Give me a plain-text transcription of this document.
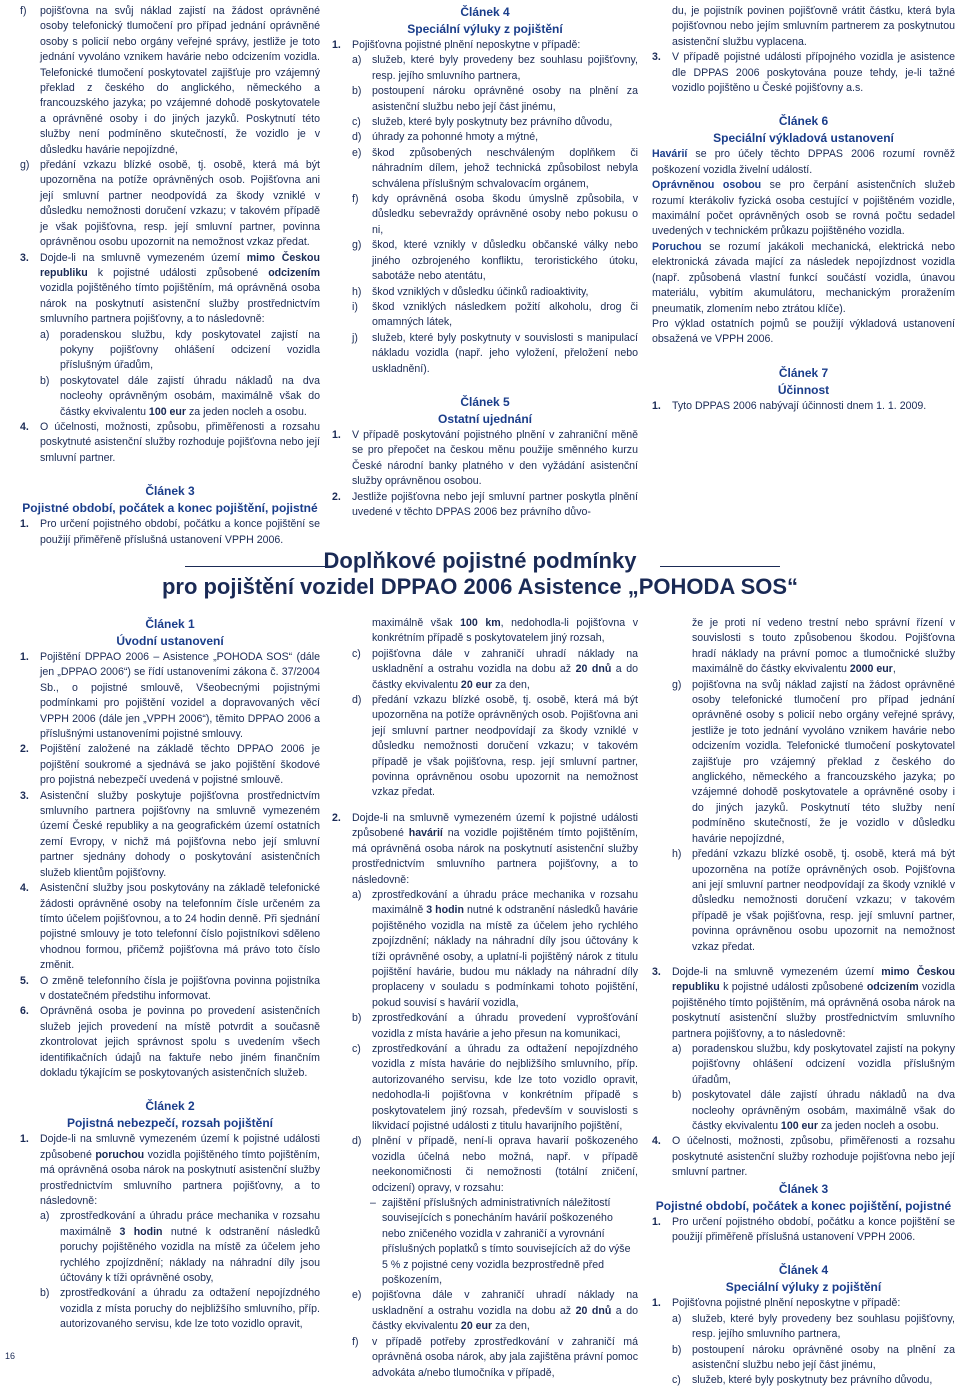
f) pojišťovna na svůj náklad zajistí na žádost oprávněné osoby telefonický tlumočení pro případ jednání oprávněné osoby s policií nebo orgány veřejné správy, jestliže je toto jednání vyvoláno vznikem havárie nebo odcizením vozidla. Telefonické tlumočení poskytovatel zajišťuje pro vzájemný překlad z českého do anglického, německého a francouzského jazyka; po vzájemné dohodě poskytovatele a oprávněné osoby i do jiných jazyků. Poskytnutí této služby není podmíněno skutečností, že vozidlo je v důsledku havárie nepojízdné,
g) předání vzkazu blízké osobě, tj. osobě, která má být upozorněna na potíže oprávněných osob. Pojišťovna ani její smluvní partner neodpovídá za škody vzniklé v důsledku nemožnosti doručení vzkazu; v takovém případě je však pojišťovna, resp. její smluvní partner, povinna oprávněnou osobu upozornit na nemožnost vzkaz předat.
3. Dojde-li na smluvně vymezeném území mimo Českou republiku k pojistné události způsobené odcizením vozidla pojištěného tímto pojištěním, má oprávněná osoba nárok na poskytnutí asistenční služby prostřednictvím smluvního partnera pojišťovny, a to následovně:
a) poradenskou službu, kdy poskytovatel zajistí na pokyny pojišťovny ohlášení odcizení vozidla příslušným úřadům,
b) poskytovatel dále zajistí úhradu nákladů na dva nocleohy oprávněným osobám, maximálně však do částky ekvivalentu 100 eur za jeden nocleh a osobu.
4. O účelnosti, možnosti, způsobu, přiměřenosti a rozsahu poskytnuté asistenční služby rozhoduje pojišťovna nebo její smluvní partner.
Článek 3
Pojistné období, počátek a konec pojištění, pojistné
1. Pro určení pojistného období, počátku a konce pojištění se použijí přiměřeně příslušná ustanovení VPPH 2006.
Článek 4
Speciální výluky z pojištění
1. Pojišťovna pojistné plnění neposkytne v případě:
a) služeb, které byly provedeny bez souhlasu pojišťovny, resp. jejího smluvního partnera,
b) postoupení nároku oprávněné osoby na plnění za asistenční službu nebo její část jinému,
c) služeb, které byly poskytnuty bez právního důvodu,
d) úhrady za pohonné hmoty a mýtné,
e) škod způsobených neschváleným doplňkem či náhradním dílem, jehož technická způsobilost nebyla schválena příslušným schvalovacím orgánem,
f) kdy oprávněná osoba škodu úmyslně způsobila, v důsledku sebevraždy oprávněné osoby nebo pokusu o ni,
g) škod, které vznikly v důsledku občanské války nebo jiného ozbrojeného konfliktu, teroristického útoku, sabotáže nebo atentátu,
h) škod vzniklých v důsledku účinků radioaktivity,
i) škod vzniklých následkem požití alkoholu, drog či omamných látek,
j) služeb, které byly poskytnuty v souvislosti s manipulací nákladu vozidla (např. jeho vyložení, přeložení nebo uskladnění).
Článek 5
Ostatní ujednání
1. V případě poskytování pojistného plnění v zahraniční měně se pro přepočet na českou měnu použije směnného kurzu České národní banky platného v den vyžádání asistenční služby oprávněnou osobou.
2. Jestliže pojišťovna nebo její smluvní partner poskytla plnění uvedené v těchto DPPAS 2006 bez právního důvo-

du, je pojistník povinen pojišťovně vrátit částku, která byla pojišťovnou nebo jejím smluvním partnerem za poskytnutou asistenční službu vyplacena.

3. V případě pojistné události přípojného vozidla je asistence dle DPPAS 2006 poskytována pouze tehdy, je-li tažné vozidlo pojištěno u České pojišťovny a.s.
Článek 6
Speciální výkladová ustanovení

Havárií se pro účely těchto DPPAS 2006 rozumí rovněž poškození vozidla živelní událostí.

Oprávněnou osobou se pro čerpání asistenčních služeb rozumí kterákoliv fyzická osoba cestující v pojištěném vozidle, maximální počet oprávněných osob se rovná počtu sedadel uvedených v technickém průkazu pojištěného vozidla.

Poruchou se rozumí jakákoli mechanická, elektrická nebo elektronická závada mající za následek nepojízdnost vozidla (např. způsobená vlastní funkcí součástí vozidla, únavou materiálu, vybitím akumulátoru, mechanickým proražením pneumatik, zlomením nebo ztrátou klíče).

Pro výklad ostatních pojmů se použijí výkladová ustanovení obsažená ve VPPH 2006.

Článek 7
Účinnost
1. Tyto DPPAS 2006 nabývají účinnosti dnem 1. 1. 2009.
Doplňkové pojistné podmínky
pro pojištění vozidel DPPAO 2006 Asistence „POHODA SOS“
Článek 1
Úvodní ustanovení
1. Pojištění DPPAO 2006 – Asistence „POHODA SOS“ (dále jen „DPPAO 2006“) se řídí ustanoveními zákona č. 37/2004 Sb., o pojistné smlouvě, Všeobecnými pojistnými podmínkami pro pojištění vozidel a dopravovaných věcí VPPH 2006 (dále jen „VPPH 2006“), těmito DPPAO 2006 a příslušnými ustanoveními pojistné smlouvy.
2. Pojištění založené na základě těchto DPPAO 2006 je pojištění soukromé a sjednává se jako pojištění škodové pro pojistná nebezpečí uvedená v pojistné smlouvě.
3. Asistenční služby poskytuje pojišťovna prostřednictvím smluvního partnera pojišťovny na smluvně vymezeném území České republiky a na geografickém území ostatních zemí Evropy, v nichž má pojišťovna nebo její smluvní partner sjednány dohody o poskytování asistenčních služeb klientům pojišťovny.
4. Asistenční služby jsou poskytovány na základě telefonické žádosti oprávněné osoby na telefonním čísle určeném za tímto účelem pojišťovnou, a to 24 hodin denně. Při sjednání pojistné smlouvy je toto telefonní číslo pojistníkovi sděleno vhodnou formou, přičemž pojišťovna má právo toto číslo změnit.
5. O změně telefonního čísla je pojišťovna povinna pojistníka v dostatečném předstihu informovat.
6. Oprávněná osoba je povinna po provedení asistenčních služeb jejich provedení na místě potvrdit a současně zkontrolovat jejich správnost spolu s uvedením všech identifikačních údajů na faktuře nebo jiném finančním dokladu týkajícím se poskytovaných asistenčních služeb.
Článek 2
Pojistná nebezpečí, rozsah pojištění
1. Dojde-li na smluvně vymezeném území k pojistné události způsobené poruchou vozidla pojištěného tímto pojištěním, má oprávněná osoba nárok na poskytnutí asistenční služby prostřednictvím smluvního partnera pojišťovny, a to následovně:
a) zprostředkování a úhradu práce mechanika v rozsahu maximálně 3 hodin nutné k odstranění následků poruchy pojištěného vozidla na místě za účelem jeho rychlého zpojízdnění; náklady na náhradní díly jsou účtovány k tíži oprávněné osoby,
b) zprostředkování a úhradu za odtažení nepojízdného vozidla z místa poruchy do nejbližšího smluvního, příp. autorizovaného servisu, kde lze toto vozidlo opravit,

maximálně však 100 km, nedohodla-li pojišťovna v konkrétním případě s poskytovatelem jiný rozsah,

c) pojišťovna dále v zahraničí uhradí náklady na uskladnění a ostrahu vozidla na dobu až 20 dnů a do částky ekvivalentu 20 eur za den,
d) předání vzkazu blízké osobě, tj. osobě, která má být upozorněna na potíže oprávněných osob. Pojišťovna ani její smluvní partner neodpovídají za škody vzniklé v důsledku nemožnosti doručení vzkazu; v takovém případě je však pojišťovna, resp. její smluvní partner, povinna oprávněnou osobu upozornit na nemožnost vzkaz předat.
2. Dojde-li na smluvně vymezeném území k pojistné události způsobené havárií na vozidle pojištěném tímto pojištěním, má oprávněná osoba nárok na poskytnutí asistenční služby prostřednictvím smluvního partnera pojišťovny, a to následovně:
a) zprostředkování a úhradu práce mechanika v rozsahu maximálně 3 hodin nutné k odstranění následků havárie pojištěného vozidla na místě za účelem jeho rychlého zpojízdnění; náklady na náhradní díly jsou účtovány k tíži oprávněné osoby, a uplatní-li pojištěný nárok z titulu pojištění havárie, budou mu náklady na náhradní díly proplaceny v souladu s podmínkami tohoto pojištění, pokud souvisí s havárií vozidla,
b) zprostředkování a úhradu provedení vyprošťování vozidla z místa havárie a jeho přesun na komunikaci,
c) zprostředkování a úhradu za odtažení nepojízdného vozidla z místa havárie do nejbližšího smluvního, příp. autorizovaného servisu, kde lze toto vozidlo opravit, nedohodla-li pojišťovna v konkrétním případě s poskytovatelem jiný rozsah, především v souvislosti s likvidací pojistné události z titulu havarijního pojištění,
d) plnění v případě, není-li oprava havarií poškozeného vozidla účelná nebo možná, např. v případě neekonomičnosti či nemožnosti (totální zničení, odcizení) opravy, v rozsahu:
– zajištění příslušných administrativních náležitostí souvisejících s ponecháním havárií poškozeného nebo zničeného vozidla v zahraničí a vyrovnání příslušných poplatků s tímto souvisejících až do výše 5 % z pojistné ceny vozidla bezprostředně před poškozením,
e) pojišťovna dále v zahraničí uhradí náklady na uskladnění a ostrahu vozidla na dobu až 20 dnů a do částky ekvivalentu 20 eur za den,
f) v případě potřeby zprostředkování v zahraničí má oprávněná osoba nárok, aby jala zajištěna právní pomoc advokáta a/nebo tlumočníka v případě,

že je proti ní vedeno trestní nebo správní řízení v souvislosti s touto způsobenou škodou. Pojišťovna hradí náklady na právní pomoc a tlumočnické služby maximálně do částky ekvivalentu 2000 eur,

g) pojišťovna na svůj náklad zajistí na žádost oprávněné osoby telefonické tlumočení pro případ jednání oprávněné osoby s policií nebo orgány veřejné správy, jestliže je toto jednání vyvoláno vznikem havárie nebo odcizením vozidla. Telefonické tlumočení poskytovatel zajišťuje pro vzájemný překlad z českého do anglického, německého a francouzského jazyka; po vzájemné dohodě poskytovatele a oprávněné osoby i do jiných jazyků. Poskytnutí této služby není podmíněno skutečností, že je vozidlo v důsledku havárie nepojízdné,
h) předání vzkazu blízké osobě, tj. osobě, která má být upozorněna na potíže oprávněných osob. Pojišťovna ani její smluvní partner neodpovídají za škody vzniklé v důsledku nemožnosti doručení vzkazu; v takovém případě je však pojišťovna, resp. její smluvní partner, povinna oprávněnou osobu upozornit na nemožnost vzkaz předat.
3. Dojde-li na smluvně vymezeném území mimo Českou republiku k pojistné události způsobené odcizením vozidla pojištěného tímto pojištěním, má oprávněná osoba nárok na poskytnutí asistenční služby prostřednictvím smluvního partnera pojišťovny, a to následovně:
a) poradenskou službu, kdy poskytovatel zajistí na pokyny pojišťovny ohlášení odcizení vozidla příslušným úřadům,
b) poskytovatel dále zajistí úhradu nákladů na dva nocleohy oprávněným osobám, maximálně však do částky ekvivalentu 100 eur za jeden nocleh a osobu.
4. O účelnosti, možnosti, způsobu, přiměřenosti a rozsahu poskytnuté asistenční služby rozhoduje pojišťovna nebo její smluvní partner.
Článek 3
Pojistné období, počátek a konec pojištění, pojistné
1. Pro určení pojistného období, počátku a konce pojištění se použijí přiměřeně příslušná ustanovení VPPH 2006.
Článek 4
Speciální výluky z pojištění
1. Pojišťovna pojistné plnění neposkytne v případě:
a) služeb, které byly provedeny bez souhlasu pojišťovny, resp. jejího smluvního partnera,
b) postoupení nároku oprávněné osoby na plnění za asistenční službu nebo její část jinému,
c) služeb, které byly poskytnuty bez právního důvodu,
16
